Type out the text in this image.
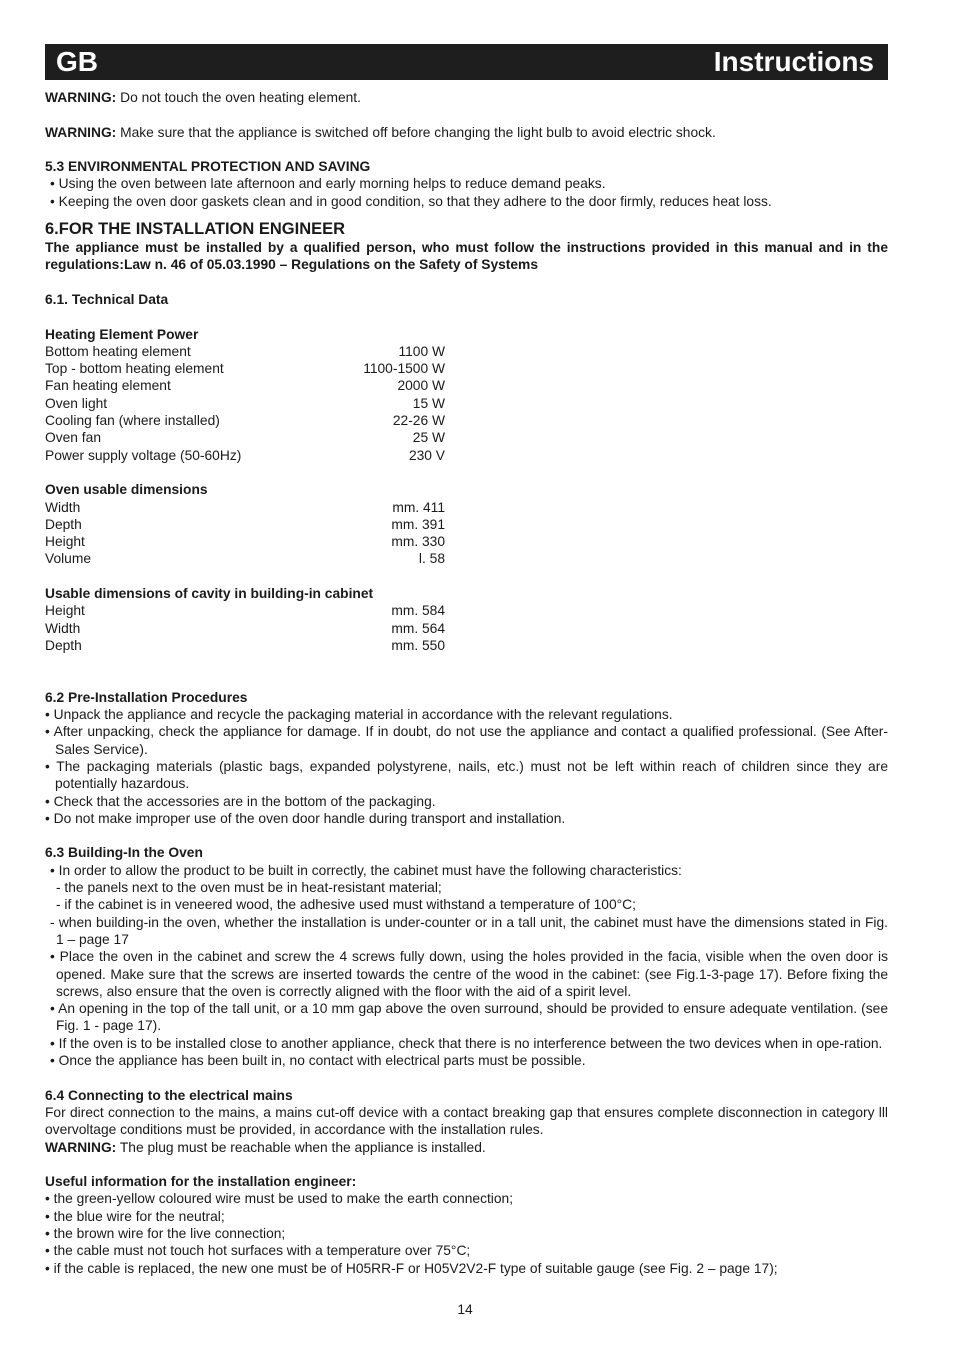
GB	Instructions

WARNING: Do not touch the oven heating element.

WARNING: Make sure that the appliance is switched off before changing the light bulb to avoid electric shock.

5.3 ENVIRONMENTAL PROTECTION AND SAVING

• Using the oven between late afternoon and early morning helps to reduce demand peaks.

• Keeping the oven door gaskets clean and in good condition, so that they adhere to the door firmly, reduces heat loss.

6.FOR THE INSTALLATION ENGINEER

The appliance must be installed by a qualified person, who must follow the instructions provided in this manual and in the regulations:Law n. 46 of 05.03.1990 – Regulations on the Safety of Systems

6.1. Technical Data

Heating Element Power

Bottom heating element	1100 W
Top - bottom heating element	1100-1500 W
Fan heating element	2000 W
Oven light	15 W
Cooling fan (where installed)	22-26 W
Oven fan	25 W
Power supply voltage (50-60Hz)	230 V

Oven usable dimensions

Width	mm. 411
Depth	mm. 391
Height	mm. 330
Volume	l. 58

Usable dimensions of cavity in building-in cabinet

Height	mm. 584
Width	mm. 564
Depth	mm. 550

6.2 Pre-Installation Procedures

• Unpack the appliance and recycle the packaging material in accordance with the relevant regulations.

• After unpacking, check the appliance for damage. If in doubt, do not use the appliance and contact a qualified professional. (See After-Sales Service).

• The packaging materials (plastic bags, expanded polystyrene, nails, etc.) must not be left within reach of children since they are potentially hazardous.

• Check that the accessories are in the bottom of the packaging.

• Do not make improper use of the oven door handle during transport and installation.

6.3 Building-In the Oven

• In order to allow the product to be built in correctly, the cabinet must have the following characteristics:

- the panels next to the oven must be in heat-resistant material;

- if the cabinet is in veneered wood, the adhesive used must withstand a temperature of 100°C;

- when building-in the oven, whether the installation is under-counter or in a tall unit, the cabinet must have the dimensions stated in Fig. 1 – page 17

• Place the oven in the cabinet and screw the 4 screws fully down, using the holes provided in the facia, visible when the oven door is opened. Make sure that the screws are inserted towards the centre of the wood in the cabinet: (see Fig.1-3-page 17). Before fixing the screws, also ensure that the oven is correctly aligned with the floor with the aid of a spirit level.

• An opening in the top of the tall unit, or a 10 mm gap above the oven surround, should be provided to ensure adequate ventilation. (see Fig. 1 - page 17).

• If the oven is to be installed close to another appliance, check that there is no interference between the two devices when in ope-ration.

• Once the appliance has been built in, no contact with electrical parts must be possible.

6.4 Connecting to the electrical mains

For direct connection to the mains, a mains cut-off device with a contact breaking gap that ensures complete disconnection in category lll overvoltage conditions must be provided, in accordance with the installation rules.

WARNING: The plug must be reachable when the appliance is installed.

Useful information for the installation engineer:

• the green-yellow coloured wire must be used to make the earth connection;

• the blue wire for the neutral;

• the brown wire for the live connection;

• the cable must not touch hot surfaces with a temperature over 75°C;

• if the cable is replaced, the new one must be of H05RR-F or H05V2V2-F type of suitable gauge (see Fig. 2 – page 17);

14
